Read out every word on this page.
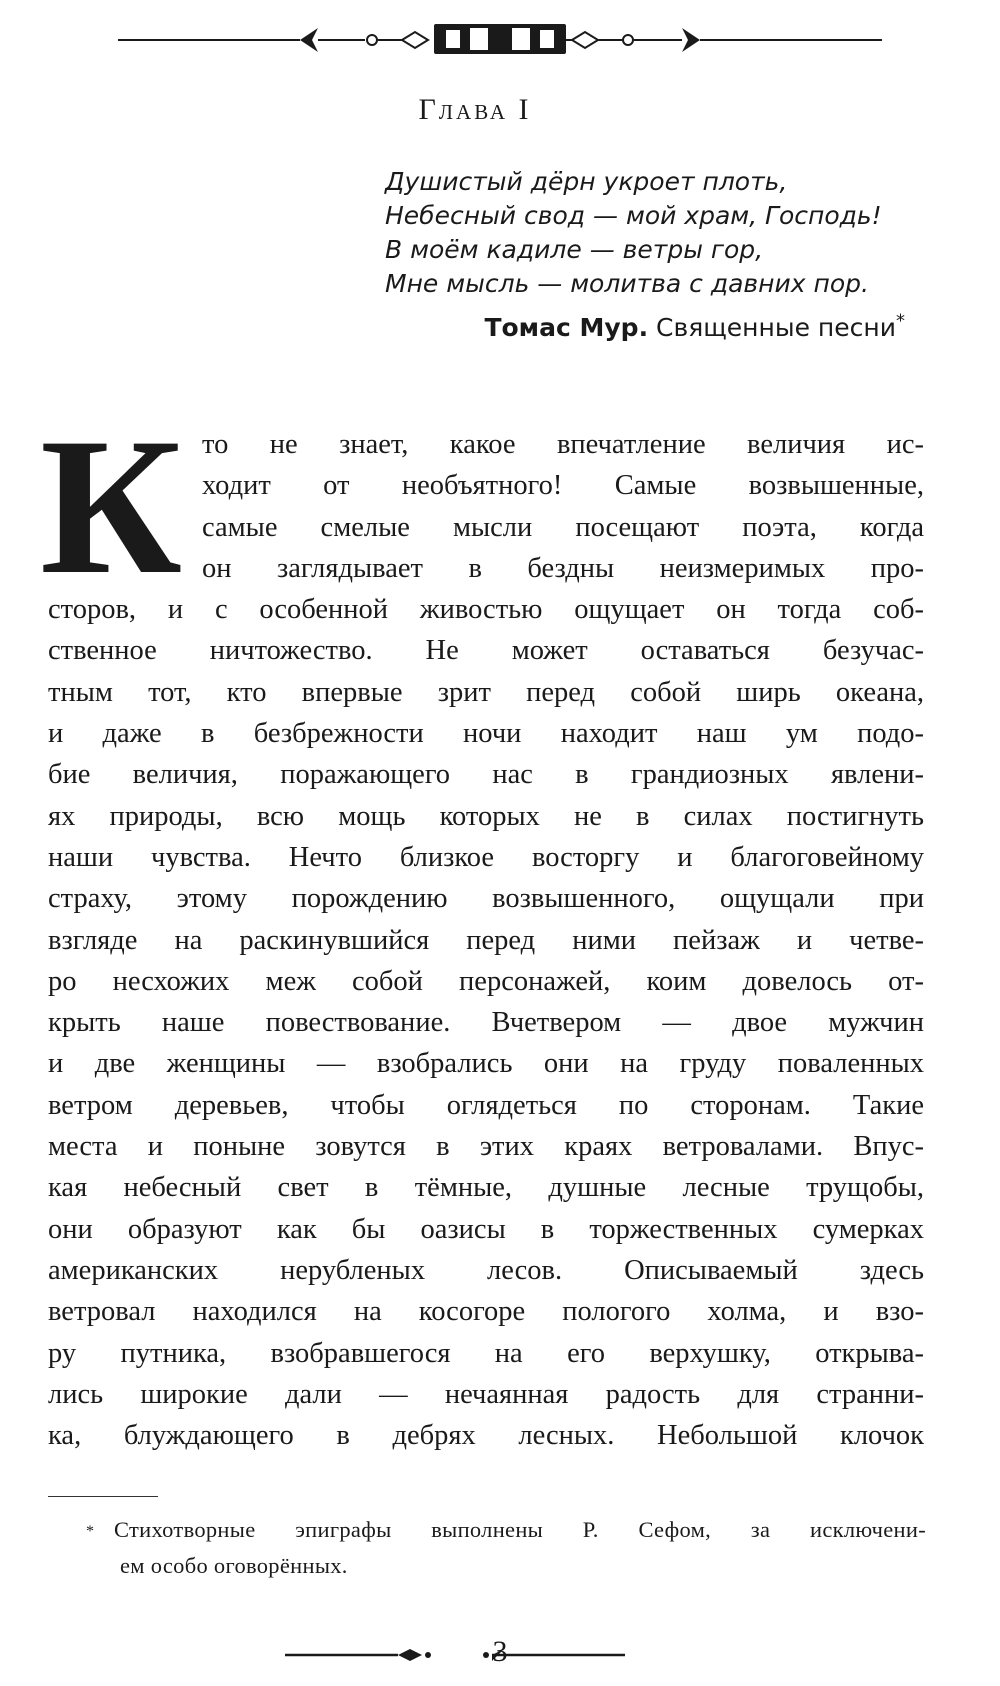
Глава I
Душистый дёрн укроет плоть,
Небесный свод — мой храм, Господь!
В моём кадиле — ветры гор,
Мне мысль — молитва с давних пор.
Томас Мур. Священные песни*
К то не знает, какое впечатление величия ис-
ходит от необъятного! Самые возвышенные,
самые смелые мысли посещают поэта, когда
он заглядывает в бездны неизмеримых про-
сторов, и с особенной живостью ощущает он тогда соб-
ственное ничтожество. Не может оставаться безучас-
тным тот, кто впервые зрит перед собой ширь океана,
и даже в безбрежности ночи находит наш ум подо-
бие величия, поражающего нас в грандиозных явлени-
ях природы, всю мощь которых не в силах постигнуть
наши чувства. Нечто близкое восторгу и благоговейному
страху, этому порождению возвышенного, ощущали при
взгляде на раскинувшийся перед ними пейзаж и четве-
ро несхожих меж собой персонажей, коим довелось от-
крыть наше повествование. Вчетвером — двое мужчин
и две женщины — взобрались они на груду поваленных
ветром деревьев, чтобы оглядеться по сторонам. Такие
места и поныне зовутся в этих краях ветровалами. Впус-
кая небесный свет в тёмные, душные лесные трущобы,
они образуют как бы оазисы в торжественных сумерках
американских нерубленых лесов. Описываемый здесь
ветровал находился на косогоре пологого холма, и взо-
ру путника, взобравшегося на его верхушку, открыва-
лись широкие дали — нечаянная радость для странни-
ка, блуждающего в дебрях лесных. Небольшой клочок
* Стихотворные эпиграфы выполнены Р. Сефом, за исключени-
ем особо оговорённых.
3
